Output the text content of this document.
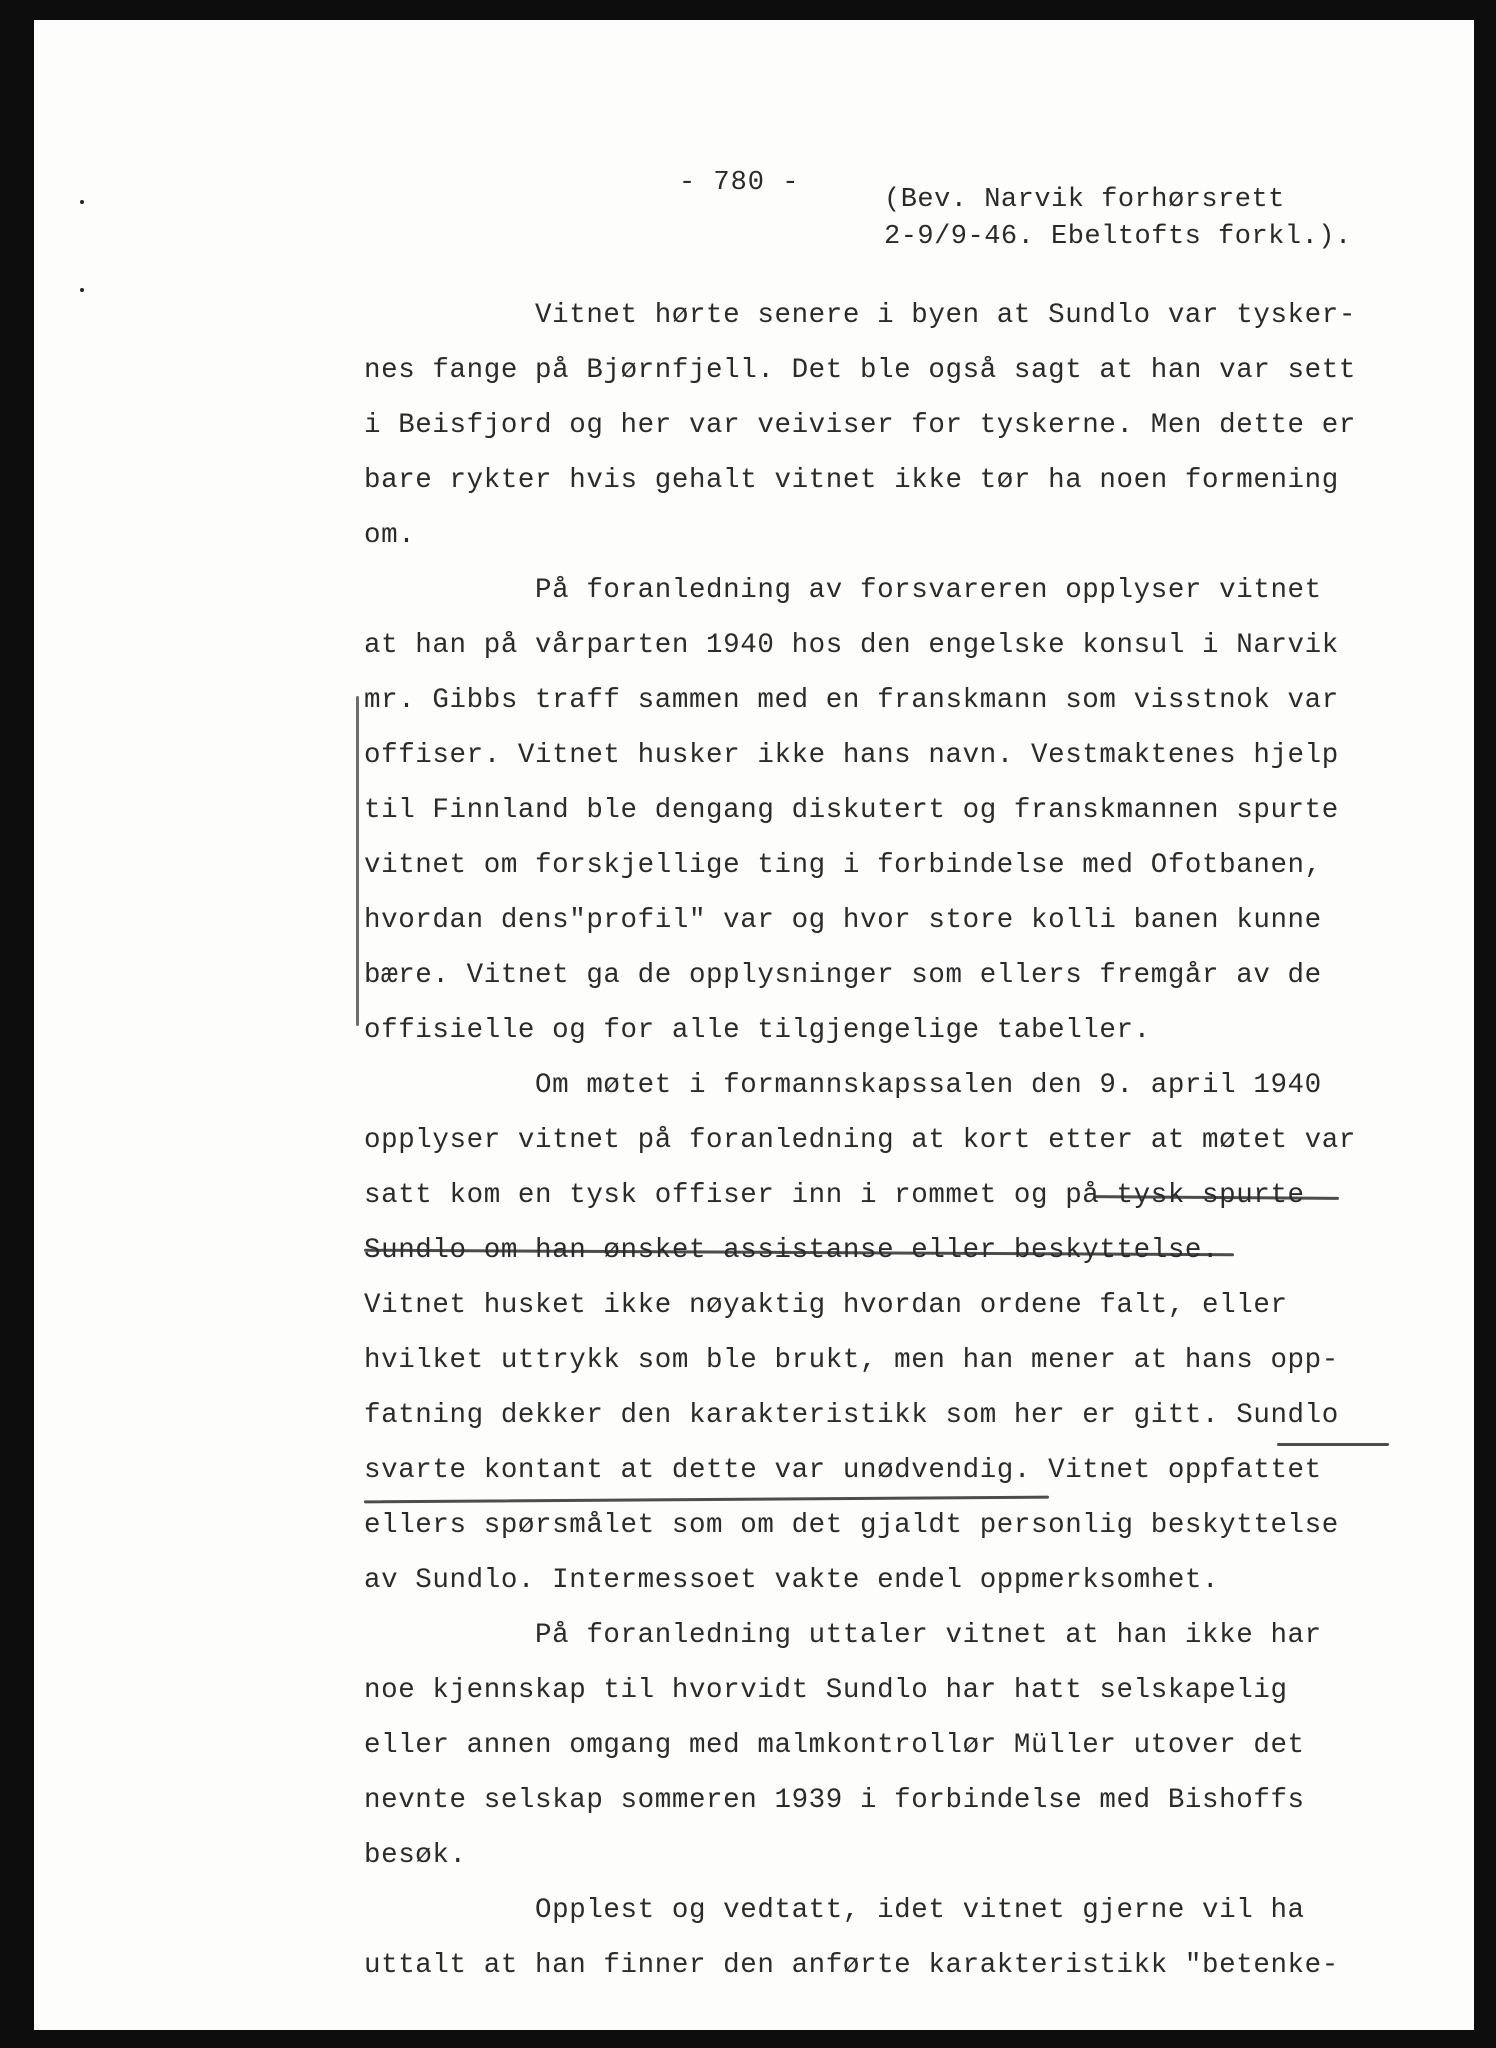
- 780 -
(Bev. Narvik forhørsrett
2-9/9-46. Ebeltofts forkl.).
Vitnet hørte senere i byen at Sundlo var tysker-
nes fange på Bjørnfjell. Det ble også sagt at han var sett
i Beisfjord og her var veiviser for tyskerne. Men dette er
bare rykter hvis gehalt vitnet ikke tør ha noen formening
om.
På foranledning av forsvareren opplyser vitnet
at han på vårparten 1940 hos den engelske konsul i Narvik
mr. Gibbs traff sammen med en franskmann som visstnok var
offiser. Vitnet husker ikke hans navn. Vestmaktenes hjelp
til Finnland ble dengang diskutert og franskmannen spurte
vitnet om forskjellige ting i forbindelse med Ofotbanen,
hvordan dens"profil" var og hvor store kolli banen kunne
bære. Vitnet ga de opplysninger som ellers fremgår av de
offisielle og for alle tilgjengelige tabeller.
Om møtet i formannskapssalen den 9. april 1940
opplyser vitnet på foranledning at kort etter at møtet var
satt kom en tysk offiser inn i rommet og på tysk spurte
Sundlo om han ønsket assistanse eller beskyttelse.
Vitnet husket ikke nøyaktig hvordan ordene falt, eller
hvilket uttrykk som ble brukt, men han mener at hans opp-
fatning dekker den karakteristikk som her er gitt. Sundlo
svarte kontant at dette var unødvendig. Vitnet oppfattet
ellers spørsmålet som om det gjaldt personlig beskyttelse
av Sundlo. Intermessoet vakte endel oppmerksomhet.
På foranledning uttaler vitnet at han ikke har
noe kjennskap til hvorvidt Sundlo har hatt selskapelig
eller annen omgang med malmkontrollør Müller utover det
nevnte selskap sommeren 1939 i forbindelse med Bishoffs
besøk.
Opplest og vedtatt, idet vitnet gjerne vil ha
uttalt at han finner den anførte karakteristikk "betenke-
